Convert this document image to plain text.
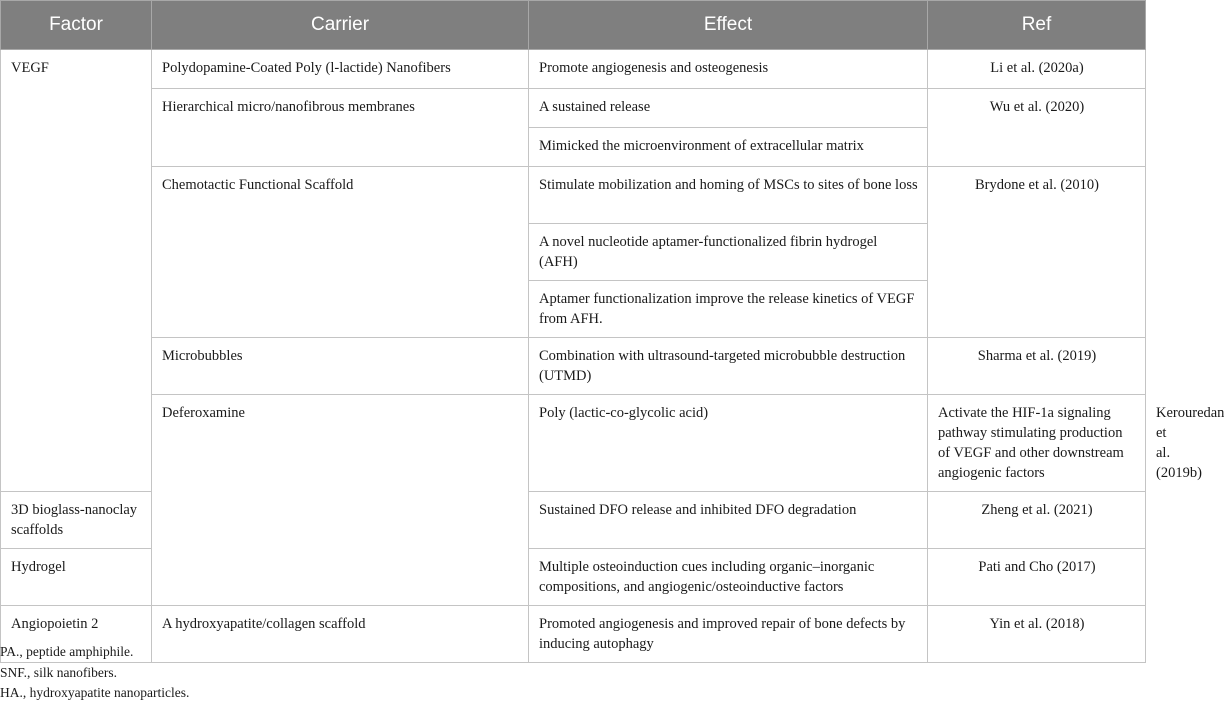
Factor	Carrier	Effect	Ref	
VEGF	Polydopamine-Coated Poly (l-lactide) Nanofibers	Promote angiogenesis and osteogenesis	Li et al. (2020a)	
	Hierarchical micro/nanofibrous membranes	A sustained release	Wu et al. (2020)	
		Mimicked the microenvironment of extracellular matrix		
	Chemotactic Functional Scaffold	Stimulate mobilization and homing of MSCs to sites of bone loss	Brydone et al. (2010)	
		A novel nucleotide aptamer-functionalized fibrin hydrogel (AFH)		
		Aptamer functionalization improve the release kinetics of VEGF from AFH.		
	Microbubbles	Combination with ultrasound-targeted microbubble destruction (UTMD)	Sharma et al. (2019)	
	Deferoxamine	Poly (lactic-co-glycolic acid)	Activate the HIF-1a signaling pathway stimulating production of VEGF and other downstream angiogenic factors	Kerouredan et al. (2019b)
3D bioglass-nanoclay scaffolds		Sustained DFO release and inhibited DFO degradation	Zheng et al. (2021)	
Hydrogel		Multiple osteoinduction cues including organic–inorganic compositions, and angiogenic/osteoinductive factors	Pati and Cho (2017)	
Angiopoietin 2	A hydroxyapatite/collagen scaffold	Promoted angiogenesis and improved repair of bone defects by inducing autophagy	Yin et al. (2018)	
PA., peptide amphiphile.
SNF., silk nanofibers.
HA., hydroxyapatite nanoparticles.
